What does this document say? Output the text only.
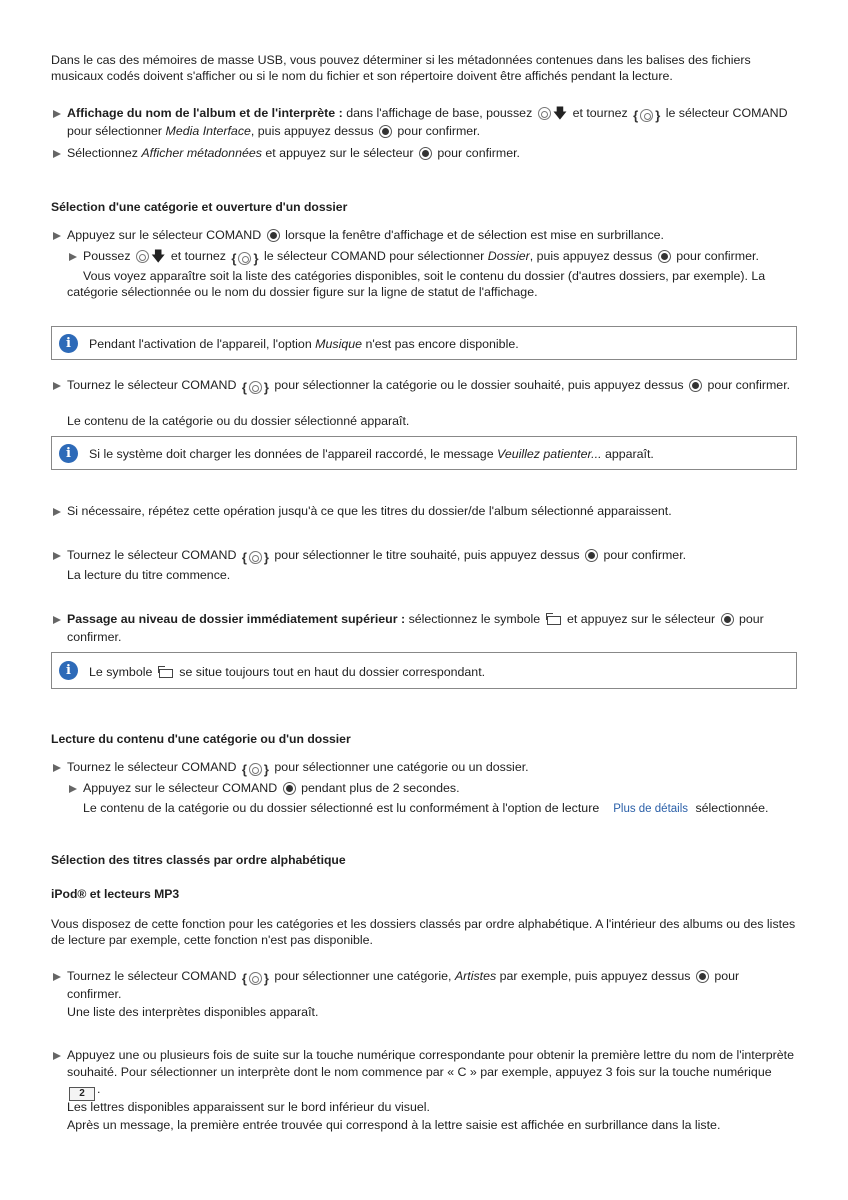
Dans le cas des mémoires de masse USB, vous pouvez déterminer si les métadonnées contenues dans les balises des fichiers musicaux codés doivent s'afficher ou si le nom du fichier et son répertoire doivent être affichés pendant la lecture.
Affichage du nom de l'album et de l'interprète : dans l'affichage de base, poussez 🡇 et tournez { } le sélecteur COMAND pour sélectionner Media Interface, puis appuyez dessus  pour confirmer.
Sélectionnez Afficher métadonnées et appuyez sur le sélecteur  pour confirmer.
Sélection d'une catégorie et ouverture d'un dossier
Appuyez sur le sélecteur COMAND  lorsque la fenêtre d'affichage et de sélection est mise en surbrillance.
Poussez 🡇 et tournez { } le sélecteur COMAND pour sélectionner Dossier, puis appuyez dessus  pour confirmer.
Vous voyez apparaître soit la liste des catégories disponibles, soit le contenu du dossier (d'autres dossiers, par exemple). La
catégorie sélectionnée ou le nom du dossier figure sur la ligne de statut de l'affichage.
i	Pendant l'activation de l'appareil, l'option Musique n'est pas encore disponible.
Tournez le sélecteur COMAND { } pour sélectionner la catégorie ou le dossier souhaité, puis appuyez dessus  pour confirmer.
Le contenu de la catégorie ou du dossier sélectionné apparaît.
i	Si le système doit charger les données de l'appareil raccordé, le message Veuillez patienter... apparaît.
Si nécessaire, répétez cette opération jusqu'à ce que les titres du dossier/de l'album sélectionné apparaissent.
Tournez le sélecteur COMAND { } pour sélectionner le titre souhaité, puis appuyez dessus  pour confirmer.
La lecture du titre commence.
Passage au niveau de dossier immédiatement supérieur : sélectionnez le symbole  et appuyez sur le sélecteur  pour confirmer.
i	Le symbole  se situe toujours tout en haut du dossier correspondant.
Lecture du contenu d'une catégorie ou d'un dossier
Tournez le sélecteur COMAND { } pour sélectionner une catégorie ou un dossier.
Appuyez sur le sélecteur COMAND  pendant plus de 2 secondes.
Le contenu de la catégorie ou du dossier sélectionné est lu conformément à l'option de lecture Plus de détails sélectionnée.
Sélection des titres classés par ordre alphabétique
iPod® et lecteurs MP3
Vous disposez de cette fonction pour les catégories et les dossiers classés par ordre alphabétique. A l'intérieur des albums ou des listes de lecture par exemple, cette fonction n'est pas disponible.
Tournez le sélecteur COMAND { } pour sélectionner une catégorie, Artistes par exemple, puis appuyez dessus  pour confirmer.
Une liste des interprètes disponibles apparaît.
Appuyez une ou plusieurs fois de suite sur la touche numérique correspondante pour obtenir la première lettre du nom de l'interprète souhaité. Pour sélectionner un interprète dont le nom commence par « C » par exemple, appuyez 3 fois sur la touche numérique 2 .
Les lettres disponibles apparaissent sur le bord inférieur du visuel.
Après un message, la première entrée trouvée qui correspond à la lettre saisie est affichée en surbrillance dans la liste.
